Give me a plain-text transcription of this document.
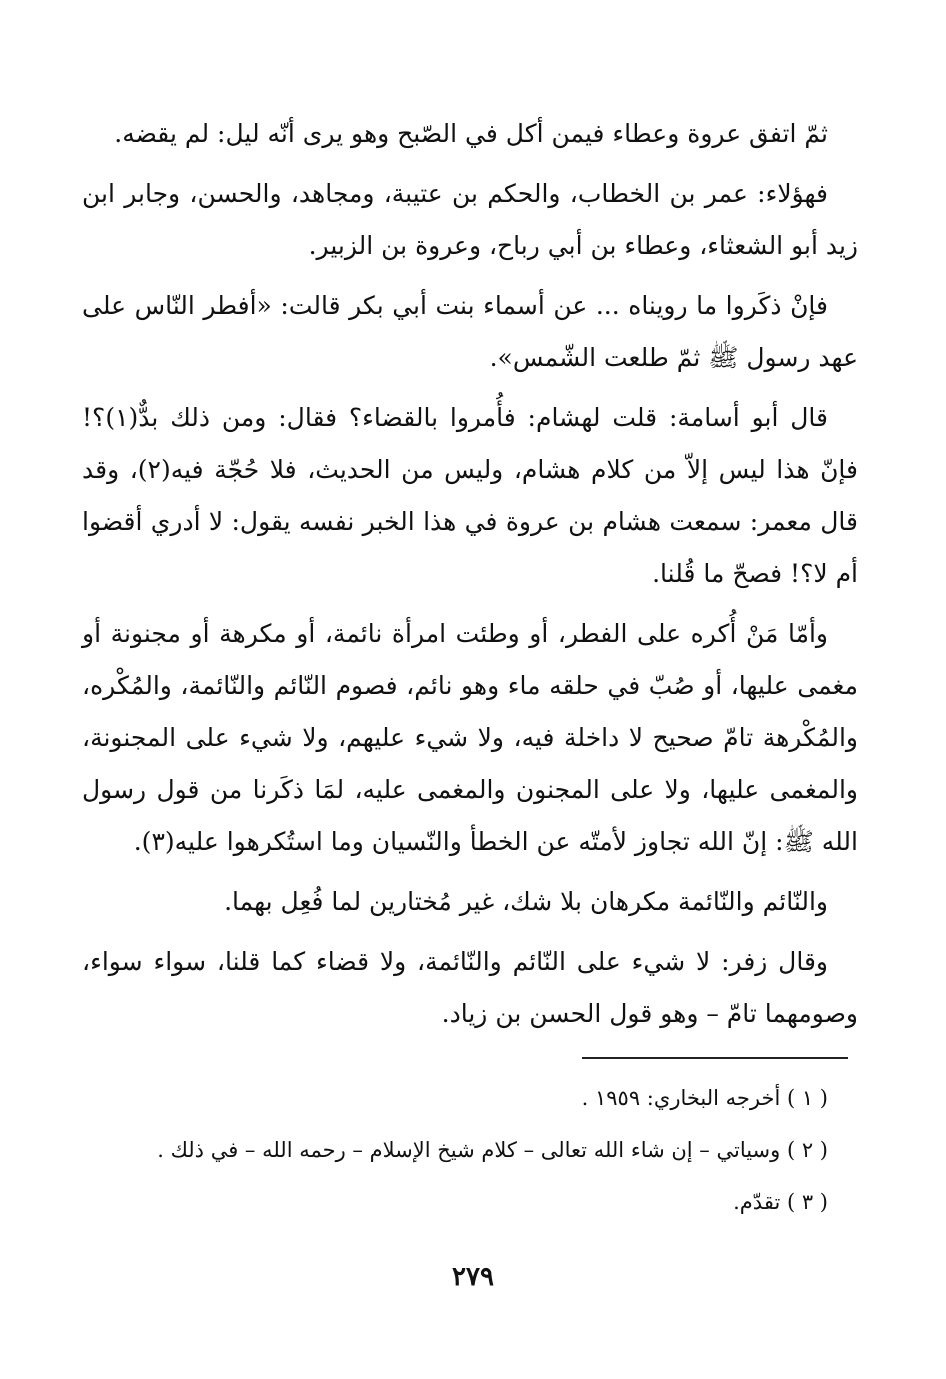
ثمّ اتفق عروة وعطاء فيمن أكل في الصّبح وهو يرى أنّه ليل: لم يقضه.

فهؤلاء: عمر بن الخطاب، والحكم بن عتيبة، ومجاهد، والحسن، وجابر ابن زيد أبو الشعثاء، وعطاء بن أبي رباح، وعروة بن الزبير.

فإنْ ذكَروا ما رويناه ... عن أسماء بنت أبي بكر قالت: «أفطر النّاس على عهد رسول ﷺ ثمّ طلعت الشّمس».

قال أبو أسامة: قلت لهشام: فأُمروا بالقضاء؟ فقال: ومن ذلك بدٌّ(١)؟! فإنّ هذا ليس إلاّ من كلام هشام، وليس من الحديث، فلا حُجّة فيه(٢)، وقد قال معمر: سمعت هشام بن عروة في هذا الخبر نفسه يقول: لا أدري أقضوا أم لا؟! فصحّ ما قُلنا.

وأمّا مَنْ أُكره على الفطر، أو وطئت امرأة نائمة، أو مكرهة أو مجنونة أو مغمى عليها، أو صُبّ في حلقه ماء وهو نائم، فصوم النّائم والنّائمة، والمُكْره، والمُكْرهة تامّ صحيح لا داخلة فيه، ولا شيء عليهم، ولا شيء على المجنونة، والمغمى عليها، ولا على المجنون والمغمى عليه، لمَا ذكَرنا من قول رسول الله ﷺ: إنّ الله تجاوز لأمتّه عن الخطأ والنّسيان وما استُكرهوا عليه(٣).

والنّائم والنّائمة مكرهان بلا شك، غير مُختارين لما فُعِل بهما.

وقال زفر: لا شيء على النّائم والنّائمة، ولا قضاء كما قلنا، سواء سواء، وصومهما تامّ – وهو قول الحسن بن زياد.

( ١ ) أخرجه البخاري: ١٩٥٩ .

( ٢ ) وسياتي – إن شاء الله تعالى – كلام شيخ الإسلام – رحمه الله – في ذلك .

( ٣ ) تقدّم.

٢٧٩
